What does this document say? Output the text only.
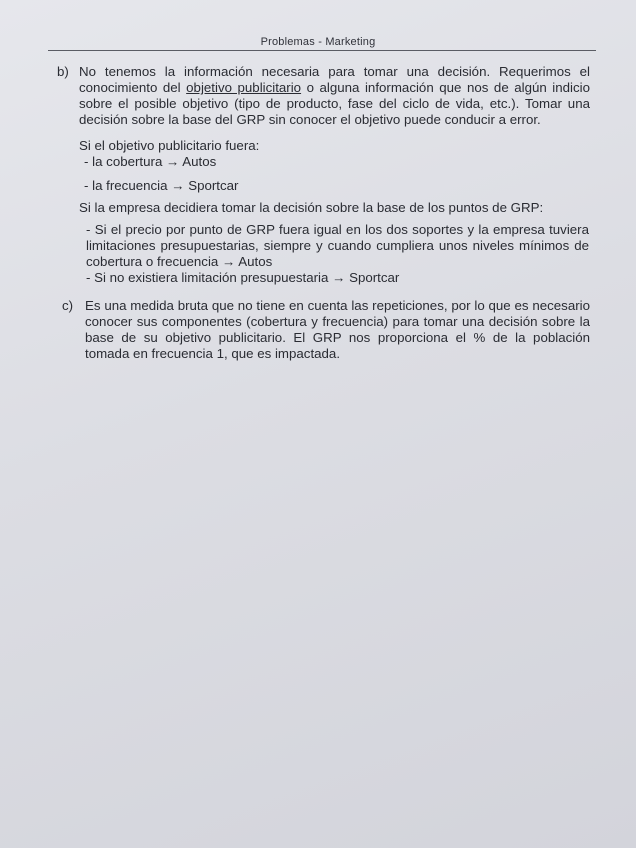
Problemas - Marketing
b) No tenemos la información necesaria para tomar una decisión. Requerimos el
conocimiento del objetivo publicitario o alguna información que nos de algún indicio
sobre el posible objetivo (tipo de producto, fase del ciclo de vida, etc.). Tomar una
decisión sobre la base del GRP sin conocer el objetivo puede conducir a error.
Si el objetivo publicitario fuera:
- la cobertura → Autos
- la frecuencia → Sportcar
Si la empresa decidiera tomar la decisión sobre la base de los puntos de GRP:
- Si el precio por punto de GRP fuera igual en los dos soportes y la empresa tuviera
limitaciones presupuestarias, siempre y cuando cumpliera unos niveles mínimos de
cobertura o frecuencia → Autos
- Si no existiera limitación presupuestaria → Sportcar
c) Es una medida bruta que no tiene en cuenta las repeticiones, por lo que es necesario
conocer sus componentes (cobertura y frecuencia) para tomar una decisión sobre la
base de su objetivo publicitario. El GRP nos proporciona el % de la población
tomada en frecuencia 1, que es impactada.
